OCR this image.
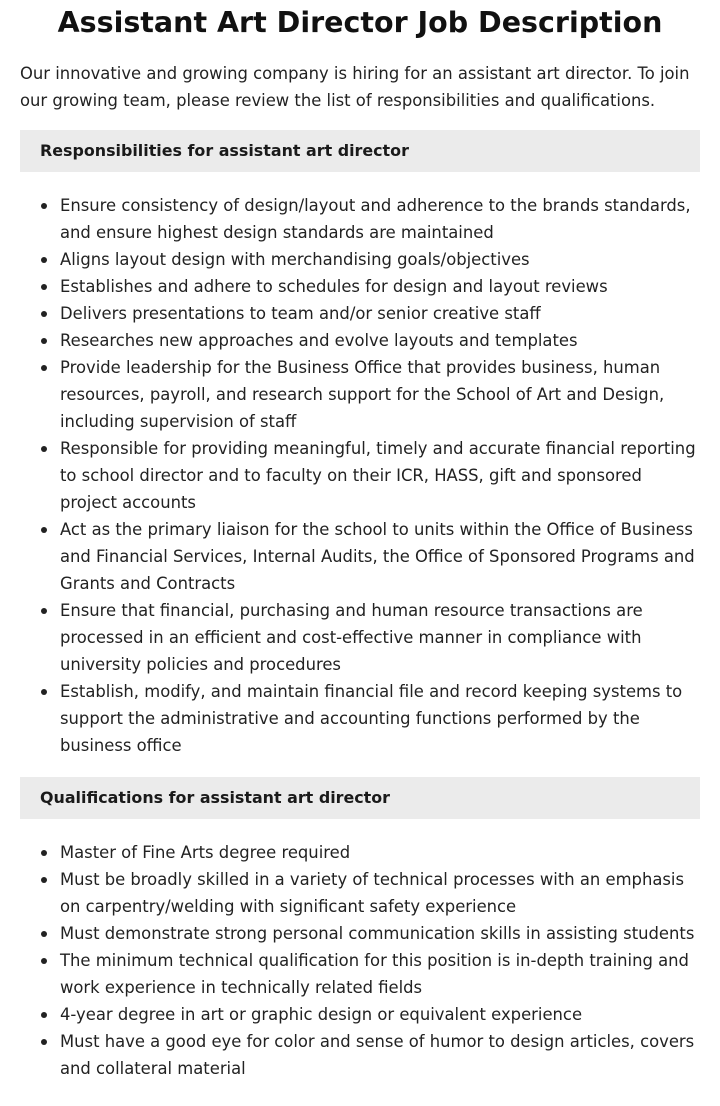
Assistant Art Director Job Description

Our innovative and growing company is hiring for an assistant art director. To join our growing team, please review the list of responsibilities and qualifications.

Responsibilities for assistant art director
Ensure consistency of design/layout and adherence to the brands standards, and ensure highest design standards are maintained
Aligns layout design with merchandising goals/objectives
Establishes and adhere to schedules for design and layout reviews
Delivers presentations to team and/or senior creative staff
Researches new approaches and evolve layouts and templates
Provide leadership for the Business Office that provides business, human resources, payroll, and research support for the School of Art and Design, including supervision of staff
Responsible for providing meaningful, timely and accurate financial reporting to school director and to faculty on their ICR, HASS, gift and sponsored project accounts
Act as the primary liaison for the school to units within the Office of Business and Financial Services, Internal Audits, the Office of Sponsored Programs and Grants and Contracts
Ensure that financial, purchasing and human resource transactions are processed in an efficient and cost-effective manner in compliance with university policies and procedures
Establish, modify, and maintain financial file and record keeping systems to support the administrative and accounting functions performed by the business office
Qualifications for assistant art director
Master of Fine Arts degree required
Must be broadly skilled in a variety of technical processes with an emphasis on carpentry/welding with significant safety experience
Must demonstrate strong personal communication skills in assisting students
The minimum technical qualification for this position is in-depth training and work experience in technically related fields
4-year degree in art or graphic design or equivalent experience
Must have a good eye for color and sense of humor to design articles, covers and collateral material
